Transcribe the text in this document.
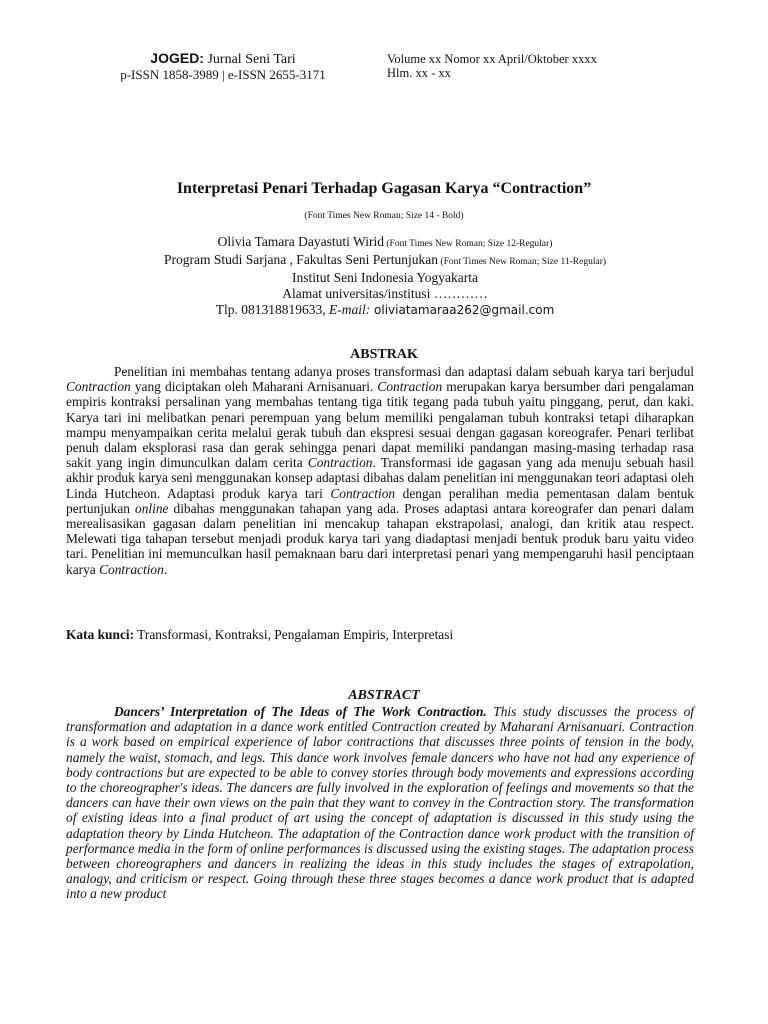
JOGED: Jurnal Seni Tari
p-ISSN 1858-3989 | e-ISSN 2655-3171
Volume xx Nomor xx April/Oktober xxxx
Hlm. xx - xx
Interpretasi Penari Terhadap Gagasan Karya “Contraction”
(Font Times New Roman; Size 14 - Bold)
Olivia Tamara Dayastuti Wirid (Font Times New Roman; Size 12-Regular)
Program Studi Sarjana , Fakultas Seni Pertunjukan (Font Times New Roman; Size 11-Regular)
Institut Seni Indonesia Yogyakarta
Alamat universitas/institusi …………
Tlp. 081318819633, E-mail: oliviatamaraa262@gmail.com
ABSTRAK
Penelitian ini membahas tentang adanya proses transformasi dan adaptasi dalam sebuah karya tari berjudul Contraction yang diciptakan oleh Maharani Arnisanuari. Contraction merupakan karya bersumber dari pengalaman empiris kontraksi persalinan yang membahas tentang tiga titik tegang pada tubuh yaitu pinggang, perut, dan kaki. Karya tari ini melibatkan penari perempuan yang belum memiliki pengalaman tubuh kontraksi tetapi diharapkan mampu menyampaikan cerita melalui gerak tubuh dan ekspresi sesuai dengan gagasan koreografer. Penari terlibat penuh dalam eksplorasi rasa dan gerak sehingga penari dapat memiliki pandangan masing-masing terhadap rasa sakit yang ingin dimunculkan dalam cerita Contraction. Transformasi ide gagasan yang ada menuju sebuah hasil akhir produk karya seni menggunakan konsep adaptasi dibahas dalam penelitian ini menggunakan teori adaptasi oleh Linda Hutcheon. Adaptasi produk karya tari Contraction dengan peralihan media pementasan dalam bentuk pertunjukan online dibahas menggunakan tahapan yang ada. Proses adaptasi antara koreografer dan penari dalam merealisasikan gagasan dalam penelitian ini mencakup tahapan ekstrapolasi, analogi, dan kritik atau respect. Melewati tiga tahapan tersebut menjadi produk karya tari yang diadaptasi menjadi bentuk produk baru yaitu video tari. Penelitian ini memunculkan hasil pemaknaan baru dari interpretasi penari yang mempengaruhi hasil penciptaan karya Contraction.
Kata kunci: Transformasi, Kontraksi, Pengalaman Empiris, Interpretasi
ABSTRACT
Dancers’ Interpretation of The Ideas of The Work Contraction. This study discusses the process of transformation and adaptation in a dance work entitled Contraction created by Maharani Arnisanuari. Contraction is a work based on empirical experience of labor contractions that discusses three points of tension in the body, namely the waist, stomach, and legs. This dance work involves female dancers who have not had any experience of body contractions but are expected to be able to convey stories through body movements and expressions according to the choreographer's ideas. The dancers are fully involved in the exploration of feelings and movements so that the dancers can have their own views on the pain that they want to convey in the Contraction story. The transformation of existing ideas into a final product of art using the concept of adaptation is discussed in this study using the adaptation theory by Linda Hutcheon. The adaptation of the Contraction dance work product with the transition of performance media in the form of online performances is discussed using the existing stages. The adaptation process between choreographers and dancers in realizing the ideas in this study includes the stages of extrapolation, analogy, and criticism or respect. Going through these three stages becomes a dance work product that is adapted into a new product
